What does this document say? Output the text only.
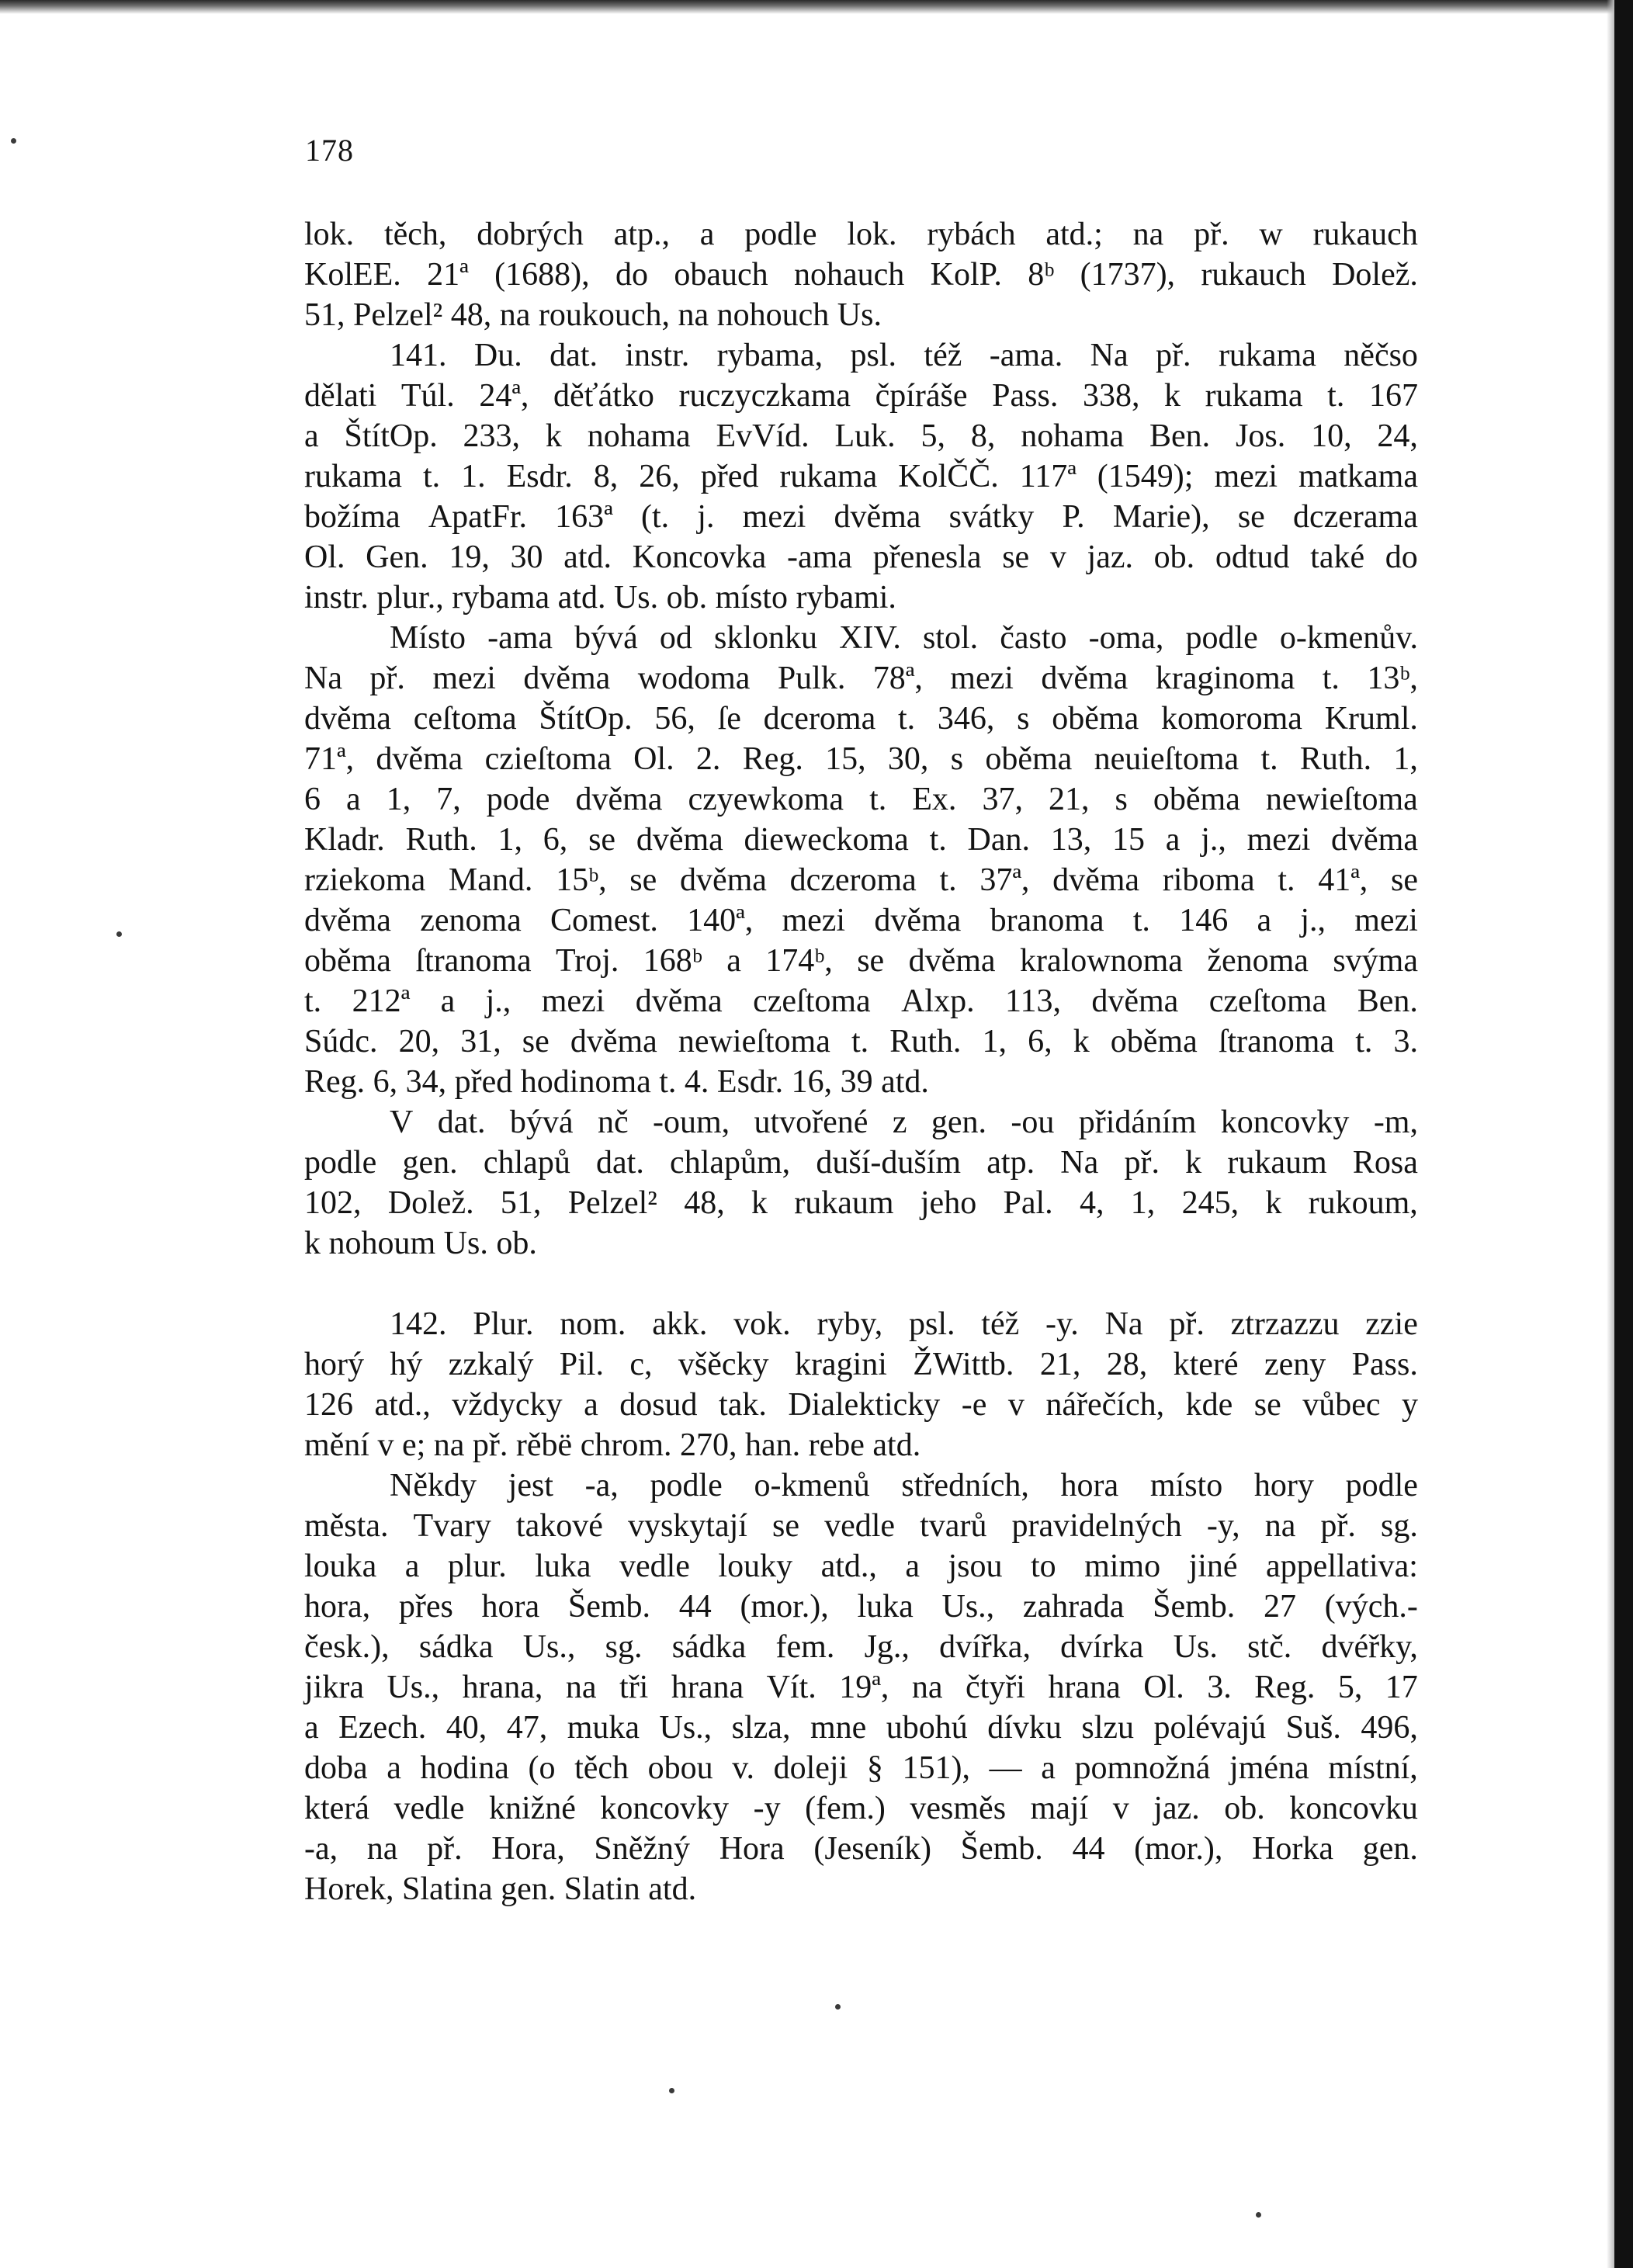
178
lok. těch, dobrých atp., a podle lok. rybách atd.; na př. w rukauch
KolEE. 21ª (1688), do obauch nohauch KolP. 8ᵇ (1737), rukauch Dolež.
51, Pelzel² 48, na roukouch, na nohouch Us.
141. Du. dat. instr. rybama, psl. též -ama. Na př. rukama něčso
dělati Túl. 24ª, děťátko ruczyczkama čpíráše Pass. 338, k rukama t. 167
a ŠtítOp. 233, k nohama EvVíd. Luk. 5, 8, nohama Ben. Jos. 10, 24,
rukama t. 1. Esdr. 8, 26, před rukama KolČČ. 117ª (1549); mezi matkama
božíma ApatFr. 163ª (t. j. mezi dvěma svátky P. Marie), se dczerama
Ol. Gen. 19, 30 atd. Koncovka -ama přenesla se v jaz. ob. odtud také do
instr. plur., rybama atd. Us. ob. místo rybami.
Místo -ama bývá od sklonku XIV. stol. často -oma, podle o-kmenův.
Na př. mezi dvěma wodoma Pulk. 78ª, mezi dvěma kraginoma t. 13ᵇ,
dvěma ceſtoma ŠtítOp. 56, ſe dceroma t. 346, s oběma komoroma Kruml.
71ª, dvěma czieſtoma Ol. 2. Reg. 15, 30, s oběma neuieſtoma t. Ruth. 1,
6 a 1, 7, pode dvěma czyewkoma t. Ex. 37, 21, s oběma newieſtoma
Kladr. Ruth. 1, 6, se dvěma dieweckoma t. Dan. 13, 15 a j., mezi dvěma
rziekoma Mand. 15ᵇ, se dvěma dczeroma t. 37ª, dvěma riboma t. 41ª, se
dvěma zenoma Comest. 140ª, mezi dvěma branoma t. 146 a j., mezi
oběma ſtranoma Troj. 168ᵇ a 174ᵇ, se dvěma kralownoma ženoma svýma
t. 212ª a j., mezi dvěma czeſtoma Alxp. 113, dvěma czeſtoma Ben.
Súdc. 20, 31, se dvěma newieſtoma t. Ruth. 1, 6, k oběma ſtranoma t. 3.
Reg. 6, 34, před hodinoma t. 4. Esdr. 16, 39 atd.
V dat. bývá nč -oum, utvořené z gen. -ou přidáním koncovky -m,
podle gen. chlapů dat. chlapům, duší-duším atp. Na př. k rukaum Rosa
102, Dolež. 51, Pelzel² 48, k rukaum jeho Pal. 4, 1, 245, k rukoum,
k nohoum Us. ob.
142. Plur. nom. akk. vok. ryby, psl. též -y. Na př. ztrzazzu zzie
horý hý zzkalý Pil. c, všěcky kragini ŽWittb. 21, 28, které zeny Pass.
126 atd., vždycky a dosud tak. Dialekticky -e v nářečích, kde se vůbec y
mění v e; na př. rěbë chrom. 270, han. rebe atd.
Někdy jest -a, podle o-kmenů středních, hora místo hory podle
města. Tvary takové vyskytají se vedle tvarů pravidelných -y, na př. sg.
louka a plur. luka vedle louky atd., a jsou to mimo jiné appellativa:
hora, přes hora Šemb. 44 (mor.), luka Us., zahrada Šemb. 27 (vých.-
česk.), sádka Us., sg. sádka fem. Jg., dvířka, dvírka Us. stč. dvéřky,
jikra Us., hrana, na tři hrana Vít. 19ª, na čtyři hrana Ol. 3. Reg. 5, 17
a Ezech. 40, 47, muka Us., slza, mne ubohú dívku slzu polévajú Suš. 496,
doba a hodina (o těch obou v. doleji § 151), — a pomnožná jména místní,
která vedle knižné koncovky -y (fem.) vesměs mají v jaz. ob. koncovku
-a, na př. Hora, Sněžný Hora (Jeseník) Šemb. 44 (mor.), Horka gen.
Horek, Slatina gen. Slatin atd.
